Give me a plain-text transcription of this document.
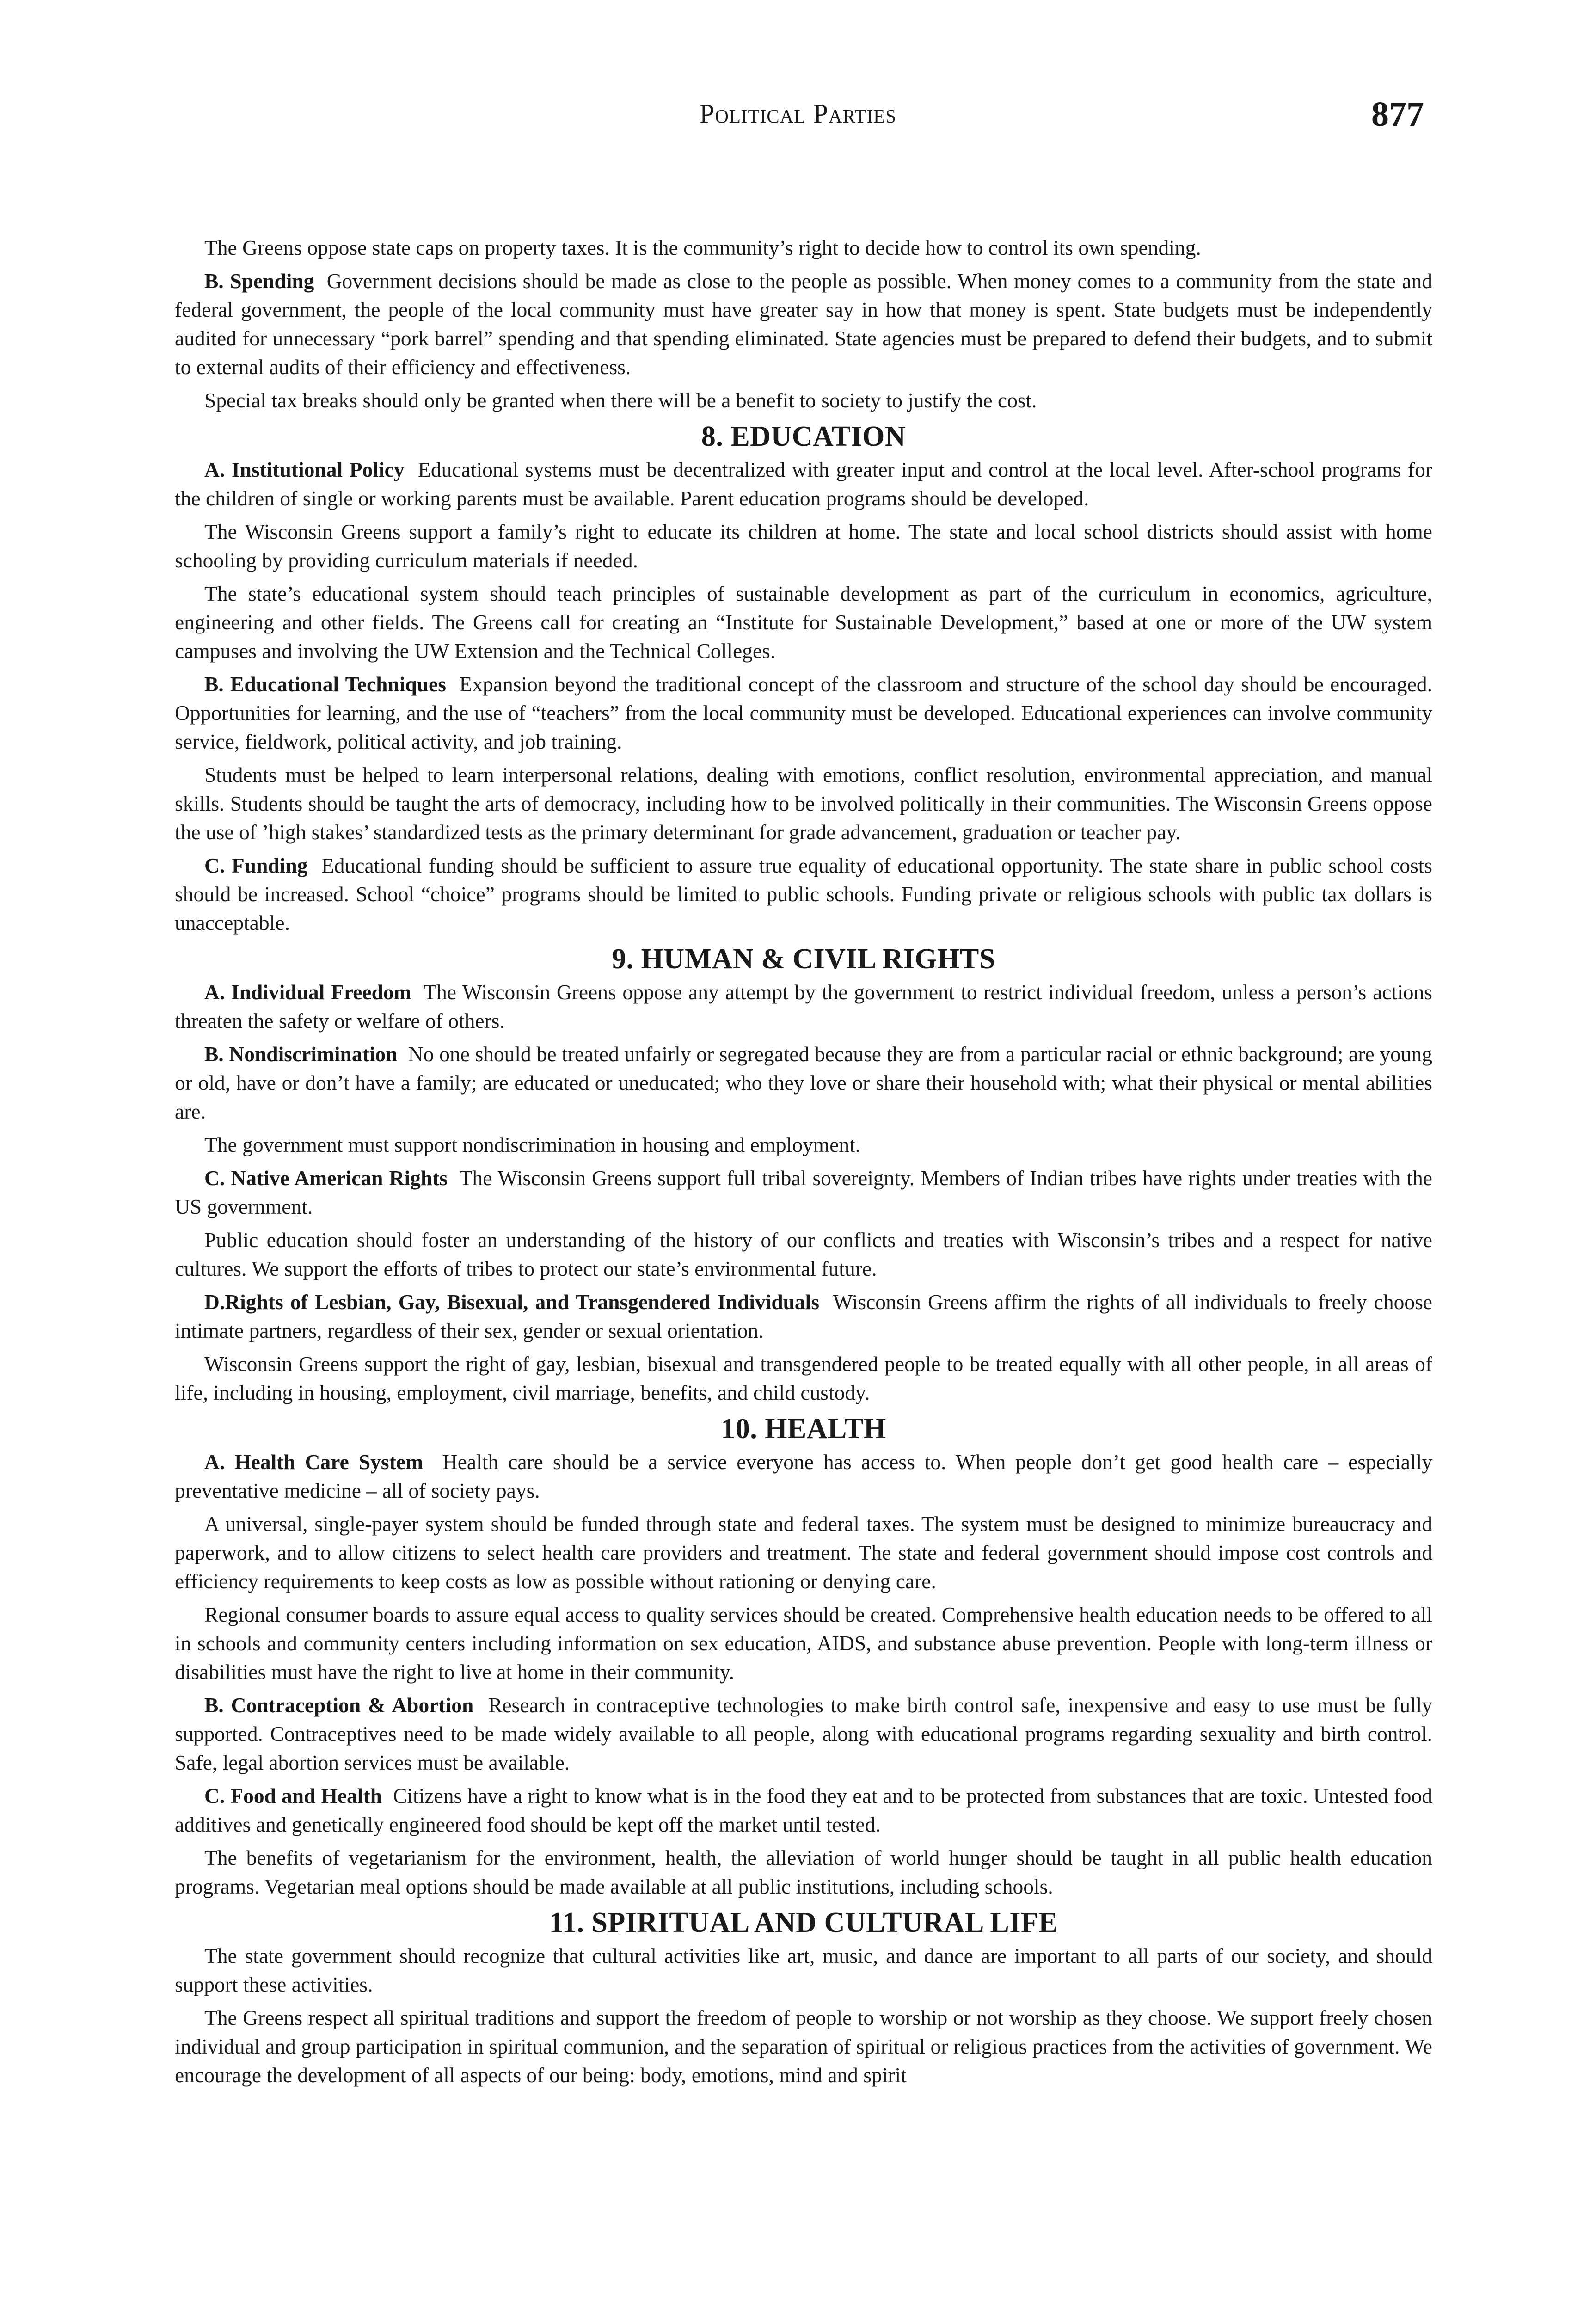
Political Parties	877

The Greens oppose state caps on property taxes. It is the community’s right to decide how to control its own spending.

B. Spending Government decisions should be made as close to the people as possible. When money comes to a community from the state and federal government, the people of the local community must have greater say in how that money is spent. State budgets must be independently audited for unnecessary “pork barrel” spending and that spending eliminated. State agencies must be prepared to defend their budgets, and to submit to external audits of their efficiency and effectiveness.

Special tax breaks should only be granted when there will be a benefit to society to justify the cost.

8. EDUCATION

A. Institutional Policy Educational systems must be decentralized with greater input and control at the local level. After-school programs for the children of single or working parents must be available. Parent education programs should be developed.

The Wisconsin Greens support a family’s right to educate its children at home. The state and local school districts should assist with home schooling by providing curriculum materials if needed.

The state’s educational system should teach principles of sustainable development as part of the curriculum in economics, agriculture, engineering and other fields. The Greens call for creating an “Institute for Sustainable Development,” based at one or more of the UW system campuses and involving the UW Extension and the Technical Colleges.

B. Educational Techniques Expansion beyond the traditional concept of the classroom and structure of the school day should be encouraged. Opportunities for learning, and the use of “teachers” from the local community must be developed. Educational experiences can involve community service, fieldwork, political activity, and job training.

Students must be helped to learn interpersonal relations, dealing with emotions, conflict resolution, environmental appreciation, and manual skills. Students should be taught the arts of democracy, including how to be involved politically in their communities. The Wisconsin Greens oppose the use of ’high stakes’ standardized tests as the primary determinant for grade advancement, graduation or teacher pay.

C. Funding Educational funding should be sufficient to assure true equality of educational opportunity. The state share in public school costs should be increased. School “choice” programs should be limited to public schools. Funding private or religious schools with public tax dollars is unacceptable.

9. HUMAN & CIVIL RIGHTS

A. Individual Freedom The Wisconsin Greens oppose any attempt by the government to restrict individual freedom, unless a person’s actions threaten the safety or welfare of others.

B. Nondiscrimination No one should be treated unfairly or segregated because they are from a particular racial or ethnic background; are young or old, have or don’t have a family; are educated or uneducated; who they love or share their household with; what their physical or mental abilities are.

The government must support nondiscrimination in housing and employment.

C. Native American Rights The Wisconsin Greens support full tribal sovereignty. Members of Indian tribes have rights under treaties with the US government.

Public education should foster an understanding of the history of our conflicts and treaties with Wisconsin’s tribes and a respect for native cultures. We support the efforts of tribes to protect our state’s environmental future.

D.Rights of Lesbian, Gay, Bisexual, and Transgendered Individuals Wisconsin Greens affirm the rights of all individuals to freely choose intimate partners, regardless of their sex, gender or sexual orientation.

Wisconsin Greens support the right of gay, lesbian, bisexual and transgendered people to be treated equally with all other people, in all areas of life, including in housing, employment, civil marriage, benefits, and child custody.

10. HEALTH

A. Health Care System Health care should be a service everyone has access to. When people don’t get good health care – especially preventative medicine – all of society pays.

A universal, single-payer system should be funded through state and federal taxes. The system must be designed to minimize bureaucracy and paperwork, and to allow citizens to select health care providers and treatment. The state and federal government should impose cost controls and efficiency requirements to keep costs as low as possible without rationing or denying care.

Regional consumer boards to assure equal access to quality services should be created. Comprehensive health education needs to be offered to all in schools and community centers including information on sex education, AIDS, and substance abuse prevention. People with long-term illness or disabilities must have the right to live at home in their community.

B. Contraception & Abortion Research in contraceptive technologies to make birth control safe, inexpensive and easy to use must be fully supported. Contraceptives need to be made widely available to all people, along with educational programs regarding sexuality and birth control. Safe, legal abortion services must be available.

C. Food and Health Citizens have a right to know what is in the food they eat and to be protected from substances that are toxic. Untested food additives and genetically engineered food should be kept off the market until tested.

The benefits of vegetarianism for the environment, health, the alleviation of world hunger should be taught in all public health education programs. Vegetarian meal options should be made available at all public institutions, including schools.

11. SPIRITUAL AND CULTURAL LIFE

The state government should recognize that cultural activities like art, music, and dance are important to all parts of our society, and should support these activities.

The Greens respect all spiritual traditions and support the freedom of people to worship or not worship as they choose. We support freely chosen individual and group participation in spiritual communion, and the separation of spiritual or religious practices from the activities of government. We encourage the development of all aspects of our being: body, emotions, mind and spirit
